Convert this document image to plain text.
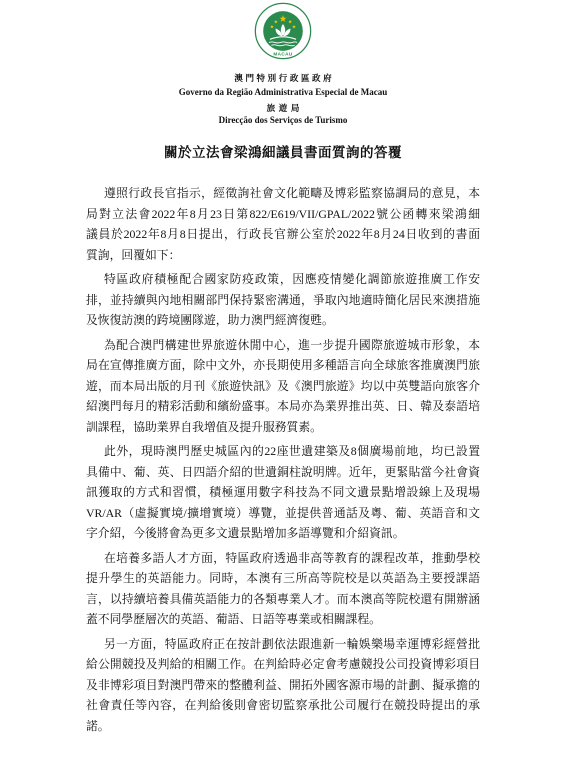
MACAU
澳門特別行政區政府
Governo da Região Administrativa Especial de Macau
旅遊局
Direcção dos Serviços de Turismo
關於立法會梁鴻細議員書面質詢的答覆
遵照行政長官指示，經徵詢社會文化範疇及博彩監察協調局的意見，本
局對立法會2022年8月23日第822/E619/VII/GPAL/2022號公函轉來梁鴻細
議員於2022年8月8日提出，行政長官辦公室於2022年8月24日收到的書面
質詢，回覆如下：
特區政府積極配合國家防疫政策，因應疫情變化調節旅遊推廣工作安
排，並持續與內地相關部門保持緊密溝通，爭取內地適時簡化居民來澳措施
及恢復訪澳的跨境團隊遊，助力澳門經濟復甦。
為配合澳門構建世界旅遊休閒中心，進一步提升國際旅遊城市形象，本
局在宣傳推廣方面，除中文外，亦長期使用多種語言向全球旅客推廣澳門旅
遊，而本局出版的月刊《旅遊快訊》及《澳門旅遊》均以中英雙語向旅客介
紹澳門每月的精彩活動和繽紛盛事。本局亦為業界推出英、日、韓及泰語培
訓課程，協助業界自我增值及提升服務質素。
此外，現時澳門歷史城區內的22座世遺建築及8個廣場前地，均已設置
具備中、葡、英、日四語介紹的世遺銅柱說明牌。近年，更緊貼當今社會資
訊獲取的方式和習慣，積極運用數字科技為不同文遺景點增設線上及現場
VR/AR（虛擬實境/擴增實境）導覽，並提供普通話及粵、葡、英語音和文
字介紹，今後將會為更多文遺景點增加多語導覽和介紹資訊。
在培養多語人才方面，特區政府透過非高等教育的課程改革，推動學校
提升學生的英語能力。同時，本澳有三所高等院校是以英語為主要授課語
言，以持續培養具備英語能力的各類專業人才。而本澳高等院校還有開辦涵
蓋不同學歷層次的英語、葡語、日語等專業或相關課程。
另一方面，特區政府正在按計劃依法跟進新一輪娛樂場幸運博彩經營批
給公開競投及判給的相關工作。在判給時必定會考慮競投公司投資博彩項目
及非博彩項目對澳門帶來的整體利益、開拓外國客源市場的計劃、擬承擔的
社會責任等內容，在判給後則會密切監察承批公司履行在競投時提出的承
諾。
